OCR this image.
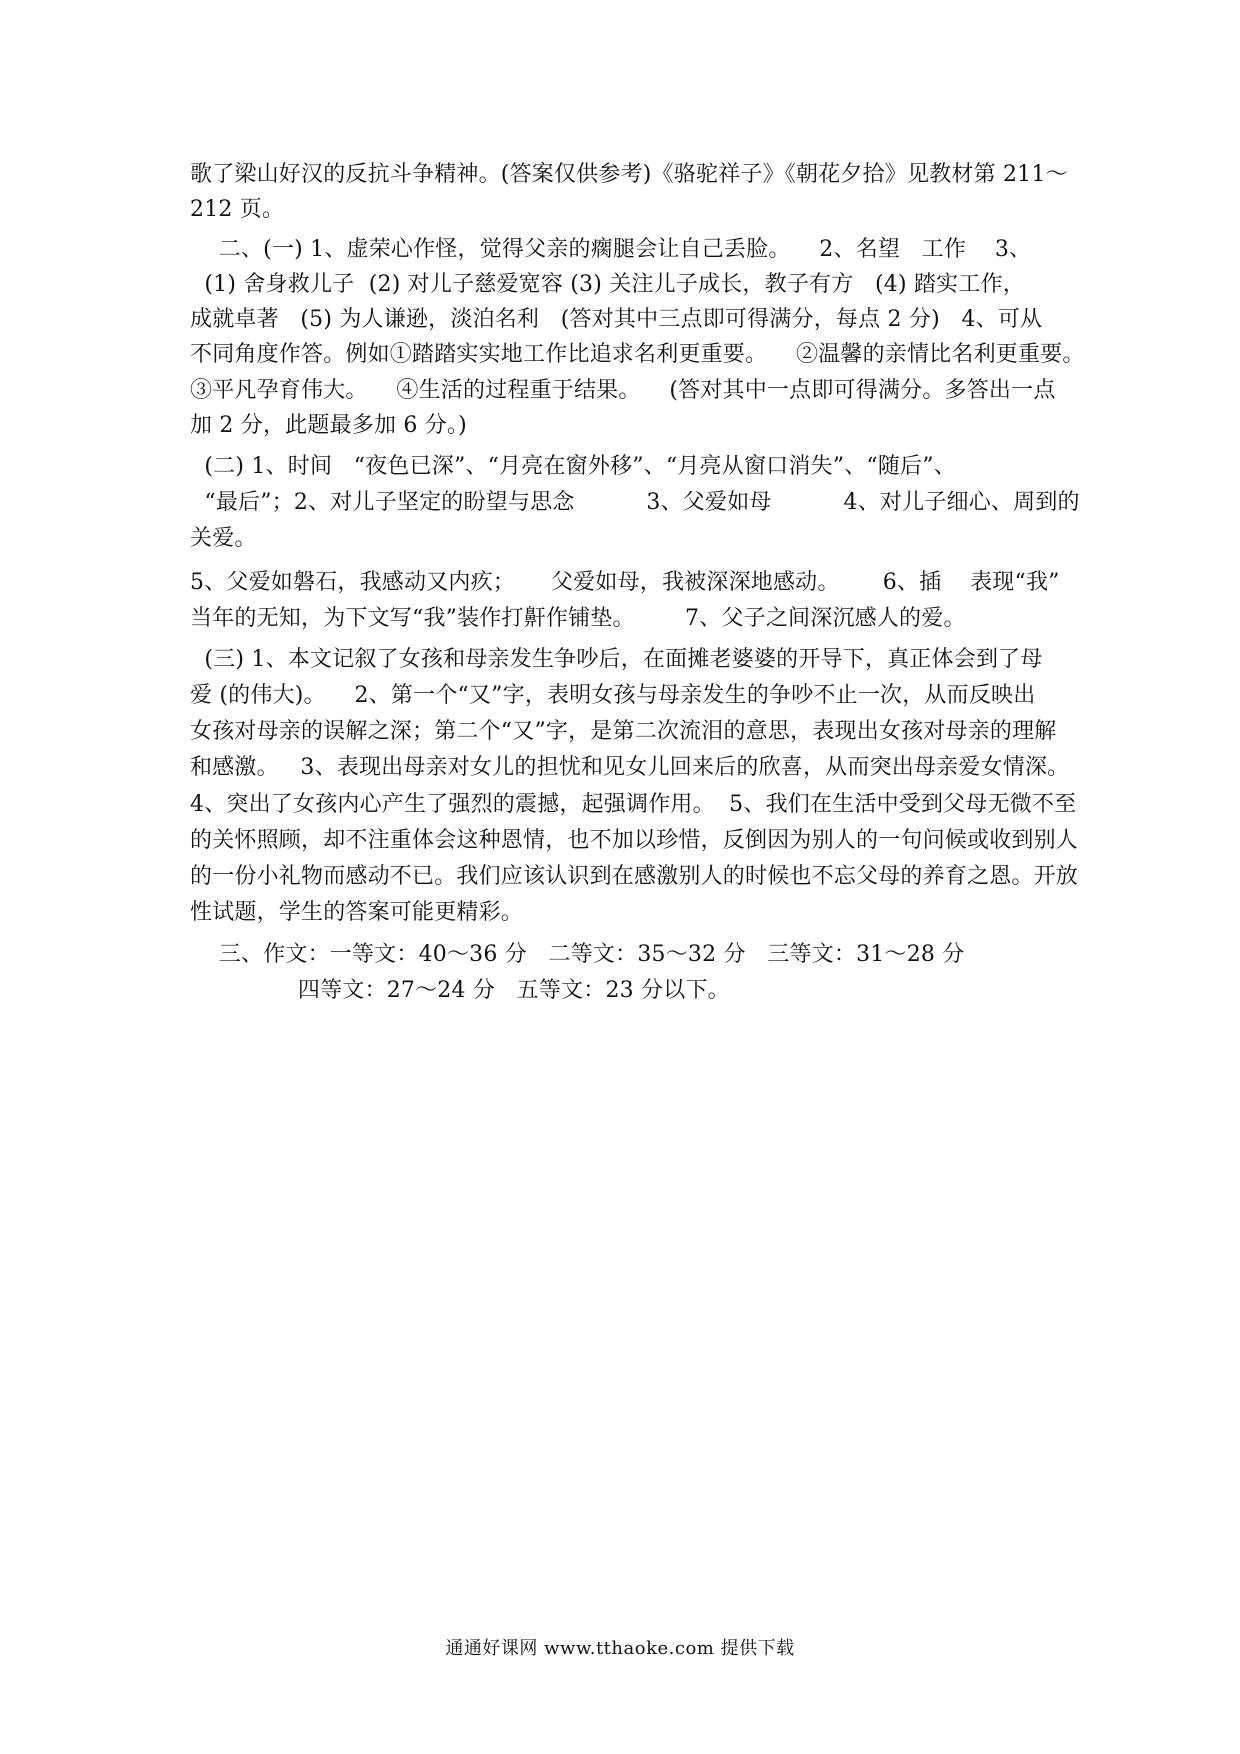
歌了梁山好汉的反抗斗争精神。(答案仅供参考)《骆驼祥子》《朝花夕拾》见教材第 211～
212 页。
二、(一) 1、虚荣心作怪，觉得父亲的瘸腿会让自己丢脸。    2、名望   工作    3、
(1) 舍身救儿子  (2) 对儿子慈爱宽容 (3) 关注儿子成长，教子有方   (4) 踏实工作，
成就卓著   (5) 为人谦逊，淡泊名利   (答对其中三点即可得满分，每点 2 分)   4、可从
不同角度作答。例如①踏踏实实地工作比追求名利更重要。    ②温馨的亲情比名利更重要。
③平凡孕育伟大。    ④生活的过程重于结果。    (答对其中一点即可得满分。多答出一点
加 2 分，此题最多加 6 分。)
(二) 1、时间   “夜色已深”、“月亮在窗外移”、“月亮从窗口消失”、“随后”、
“最后”；2、对儿子坚定的盼望与思念          3、父爱如母          4、对儿子细心、周到的
关爱。
5、父爱如磐石，我感动又内疚；     父爱如母，我被深深地感动。      6、插    表现“我”
当年的无知，为下文写“我”装作打鼾作铺垫。       7、父子之间深沉感人的爱。
(三) 1、本文记叙了女孩和母亲发生争吵后，在面摊老婆婆的开导下，真正体会到了母
爱 (的伟大)。    2、第一个“又”字，表明女孩与母亲发生的争吵不止一次，从而反映出
女孩对母亲的误解之深；第二个“又”字，是第二次流泪的意思，表现出女孩对母亲的理解
和感激。   3、表现出母亲对女儿的担忧和见女儿回来后的欣喜，从而突出母亲爱女情深。
4、突出了女孩内心产生了强烈的震撼，起强调作用。  5、我们在生活中受到父母无微不至
的关怀照顾，却不注重体会这种恩情，也不加以珍惜，反倒因为别人的一句问候或收到别人
的一份小礼物而感动不已。我们应该认识到在感激别人的时候也不忘父母的养育之恩。开放
性试题，学生的答案可能更精彩。
三、作文：一等文：40～36 分   二等文：35～32 分   三等文：31～28 分
四等文：27～24 分   五等文：23 分以下。
通通好课网 www.tthaoke.com 提供下载
